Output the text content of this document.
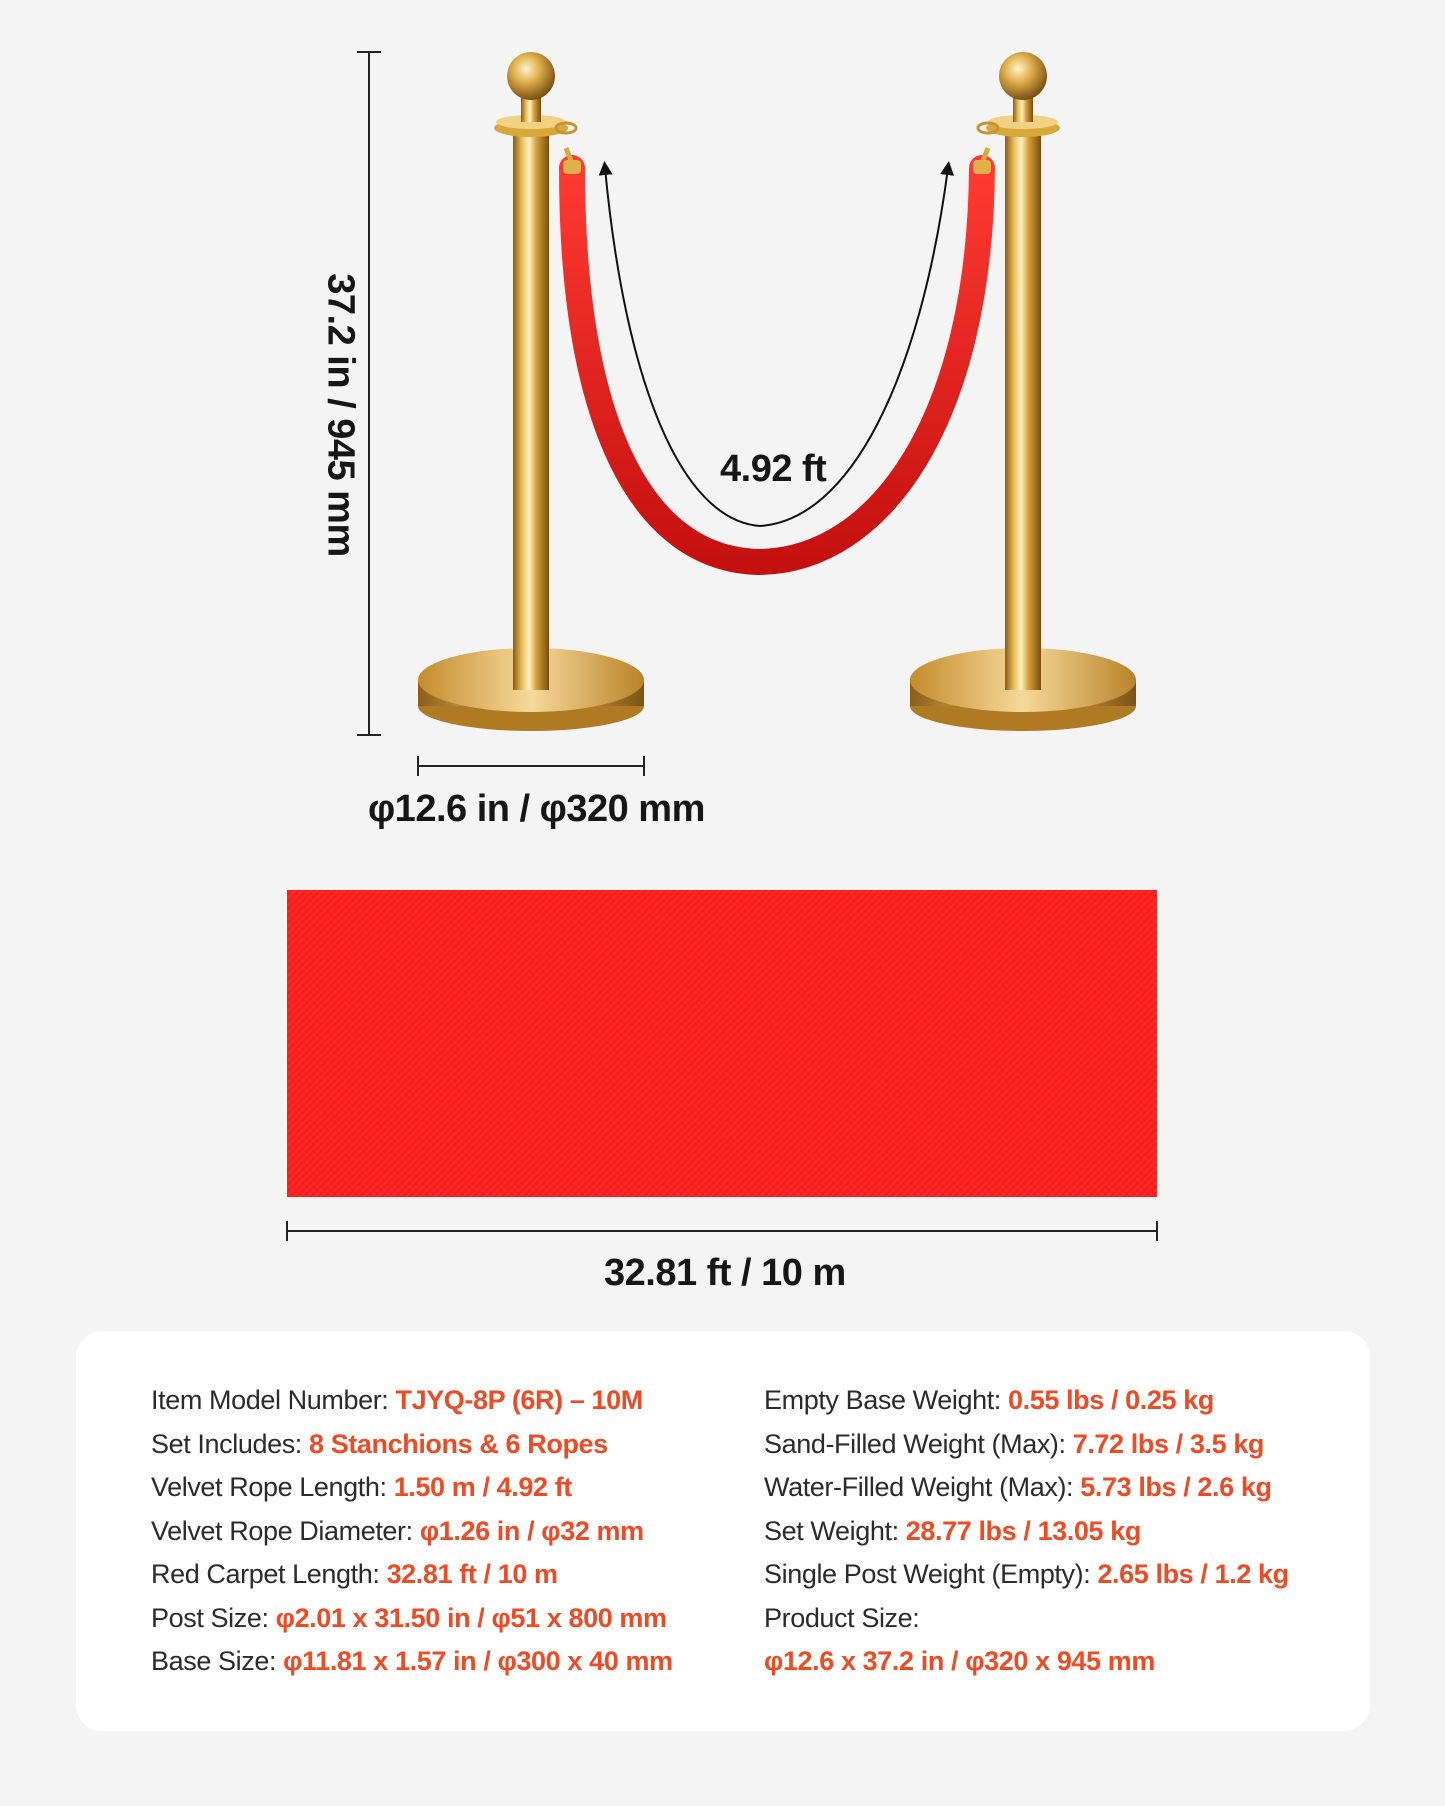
37.2 in / 945 mm	4.92 ft
φ12.6 in / φ320 mm
32.81 ft / 10 m
Item Model Number: TJYQ-8P (6R) – 10M
Set Includes: 8 Stanchions & 6 Ropes
Velvet Rope Length: 1.50 m / 4.92 ft
Velvet Rope Diameter: φ1.26 in / φ32 mm
Red Carpet Length: 32.81 ft / 10 m
Post Size: φ2.01 x 31.50 in / φ51 x 800 mm
Base Size: φ11.81 x 1.57 in / φ300 x 40 mm
Empty Base Weight: 0.55 lbs / 0.25 kg
Sand-Filled Weight (Max): 7.72 lbs / 3.5 kg
Water-Filled Weight (Max): 5.73 lbs / 2.6 kg
Set Weight: 28.77 lbs / 13.05 kg
Single Post Weight (Empty): 2.65 lbs / 1.2 kg
Product Size:
φ12.6 x 37.2 in / φ320 x 945 mm
